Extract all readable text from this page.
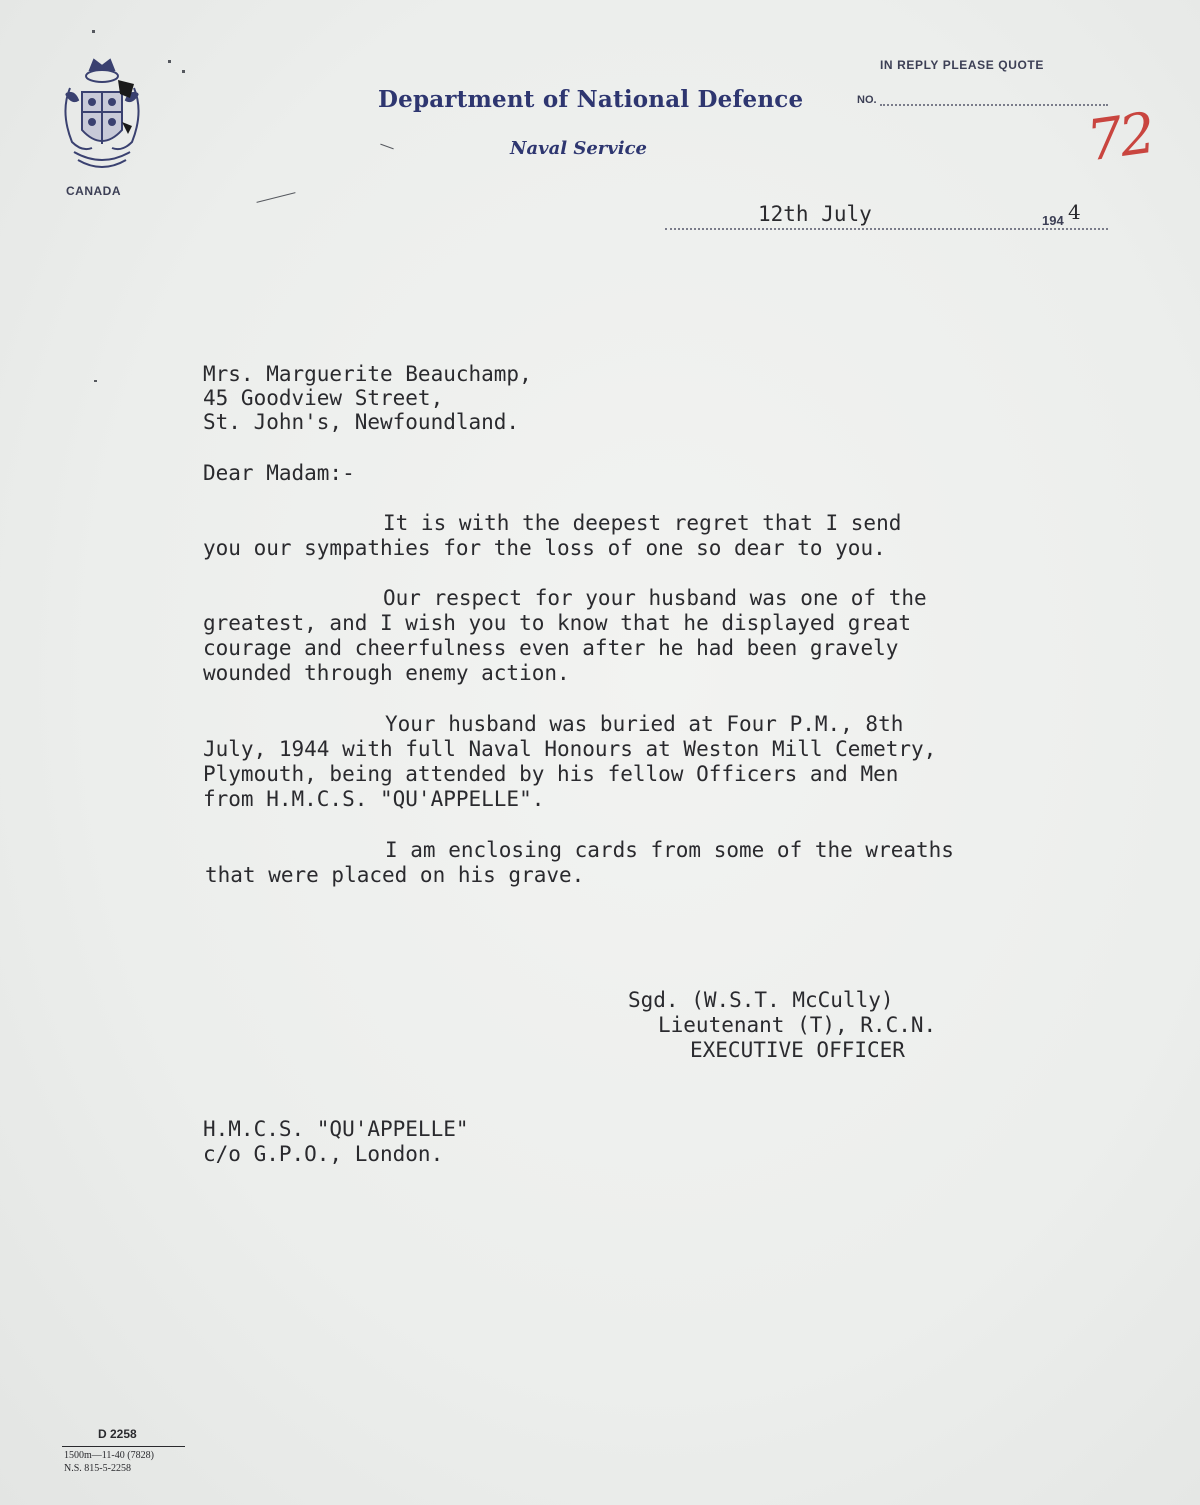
CANADA
Department of National Defence
Naval Service
IN REPLY PLEASE QUOTE
NO.
72
12th July	194 4
Mrs. Marguerite Beauchamp,
45 Goodview Street,
St. John's, Newfoundland.
Dear Madam:-
It is with the deepest regret that I send
you our sympathies for the loss of one so dear to you.
Our respect for your husband was one of the
greatest, and I wish you to know that he displayed great
courage and cheerfulness even after he had been gravely
wounded through enemy action.
Your husband was buried at Four P.M., 8th
July, 1944 with full Naval Honours at Weston Mill Cemetry,
Plymouth, being attended by his fellow Officers and Men
from H.M.C.S. "QU'APPELLE".
I am enclosing cards from some of the wreaths
that were placed on his grave.
Sgd. (W.S.T. McCully)
Lieutenant (T), R.C.N.
EXECUTIVE OFFICER
H.M.C.S. "QU'APPELLE"
c/o G.P.O., London.
D 2258
1500m—11-40 (7828)
N.S. 815-5-2258
